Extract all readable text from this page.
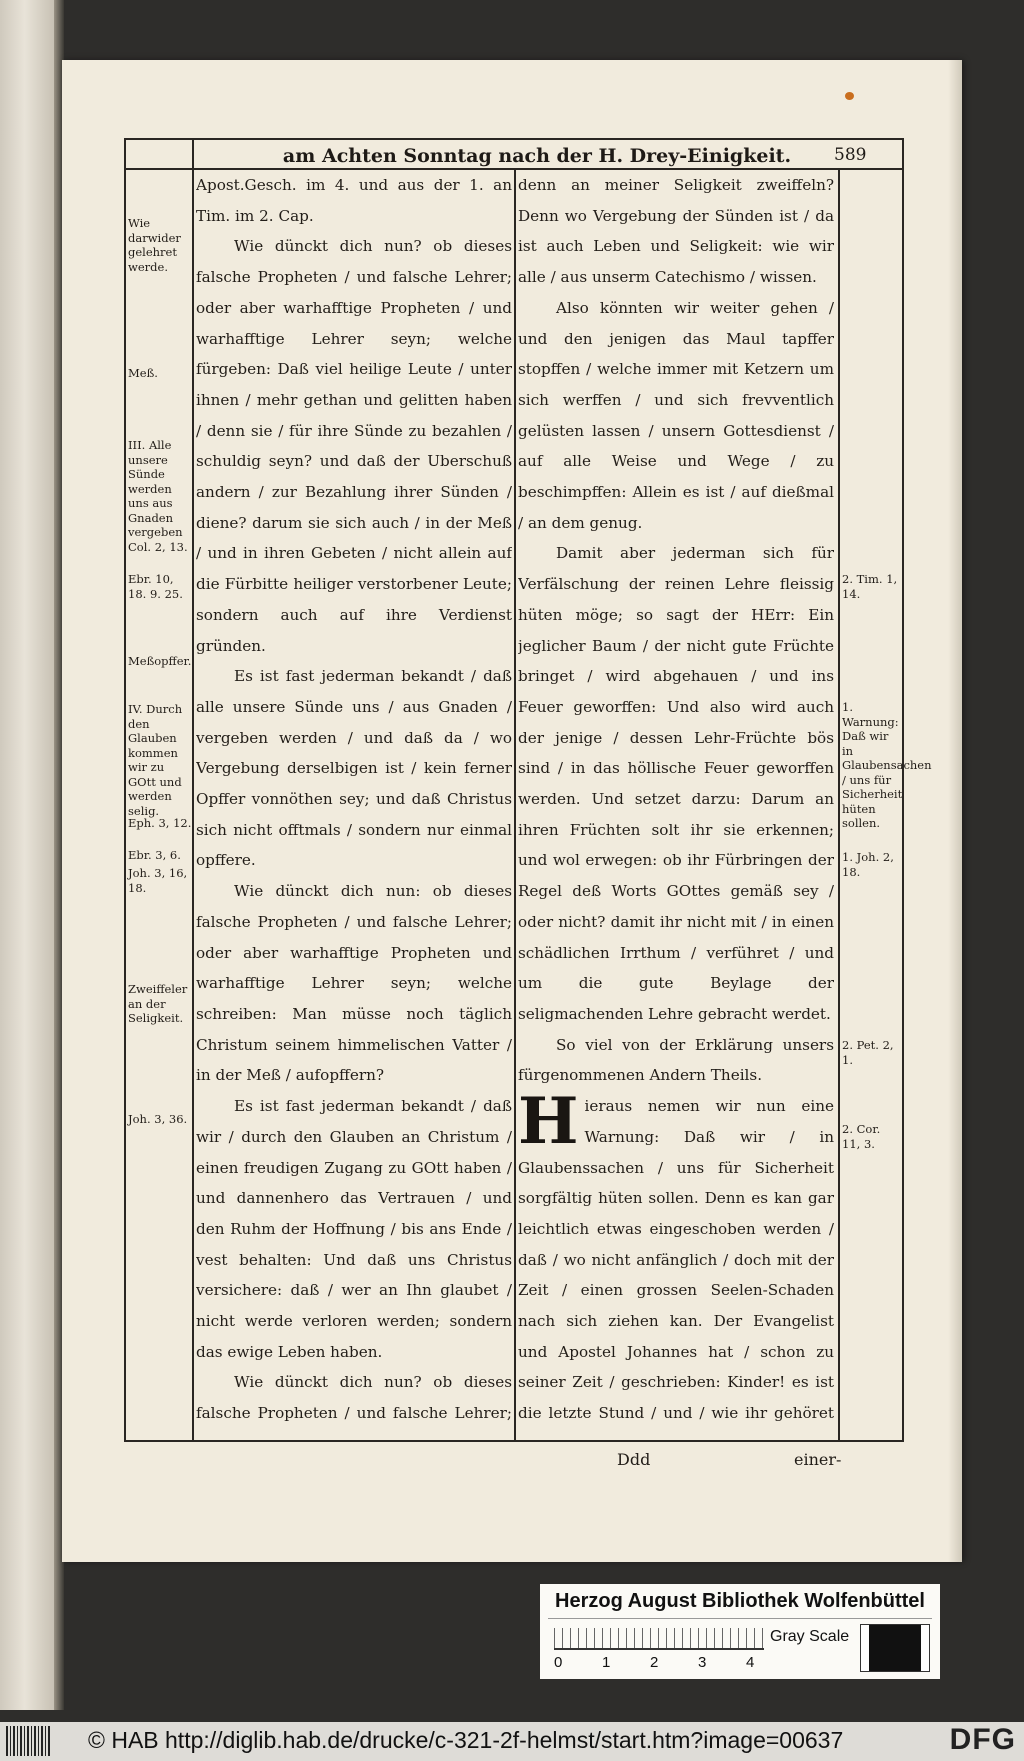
am Achten Sonntag nach der H. Drey-Einigkeit.	589

Apost.Gesch. im 4. und aus der 1. an Tim. im 2. Cap.

Wie dünckt dich nun? ob dieses falsche Propheten / und falsche Lehrer; oder aber warhafftige Propheten / und warhafftige Lehrer seyn; welche fürgeben: Daß viel heilige Leute / unter ihnen / mehr gethan und gelitten haben / denn sie / für ihre Sünde zu bezahlen / schuldig seyn? und daß der Uberschuß andern / zur Bezahlung ihrer Sünden / diene? darum sie sich auch / in der Meß / und in ihren Gebeten / nicht allein auf die Fürbitte heiliger verstorbener Leute; sondern auch auf ihre Verdienst gründen.

Es ist fast jederman bekandt / daß alle unsere Sünde uns / aus Gnaden / vergeben werden / und daß da / wo Vergebung derselbigen ist / kein ferner Opffer vonnöthen sey; und daß Christus sich nicht offtmals / sondern nur einmal opffere.

Wie dünckt dich nun: ob dieses falsche Propheten / und falsche Lehrer; oder aber warhafftige Propheten und warhafftige Lehrer seyn; welche schreiben: Man müsse noch täglich Christum seinem himmelischen Vatter / in der Meß / aufopffern?

Es ist fast jederman bekandt / daß wir / durch den Glauben an Christum / einen freudigen Zugang zu GOtt haben / und dannenhero das Vertrauen / und den Ruhm der Hoffnung / bis ans Ende / vest behalten: Und daß uns Christus versichere: daß / wer an Ihn glaubet / nicht werde verloren werden; sondern das ewige Leben haben.

Wie dünckt dich nun? ob dieses falsche Propheten / und falsche Lehrer;

denn an meiner Seligkeit zweiffeln? Denn wo Vergebung der Sünden ist / da ist auch Leben und Seligkeit: wie wir alle / aus unserm Catechismo / wissen.

Also könnten wir weiter gehen / und den jenigen das Maul tapffer stopffen / welche immer mit Ketzern um sich werffen / und sich frevventlich gelüsten lassen / unsern Gottesdienst / auf alle Weise und Wege / zu beschimpffen: Allein es ist / auf dießmal / an dem genug.

Damit aber jederman sich für Verfälschung der reinen Lehre fleissig hüten möge; so sagt der HErr: Ein jeglicher Baum / der nicht gute Früchte bringet / wird abgehauen / und ins Feuer geworffen: Und also wird auch der jenige / dessen Lehr-Früchte bös sind / in das höllische Feuer geworffen werden. Und setzet darzu: Darum an ihren Früchten solt ihr sie erkennen; und wol erwegen: ob ihr Fürbringen der Regel deß Worts GOttes gemäß sey / oder nicht? damit ihr nicht mit / in einen schädlichen Irrthum / verführet / und um die gute Beylage der seligmachenden Lehre gebracht werdet.

So viel von der Erklärung unsers fürgenommenen Andern Theils.

Hieraus nemen wir nun eine Warnung: Daß wir / in Glaubenssachen / uns für Sicherheit sorgfältig hüten sollen. Denn es kan gar leichtlich etwas eingeschoben werden / daß / wo nicht anfänglich / doch mit der Zeit / einen grossen Seelen-Schaden nach sich ziehen kan. Der Evangelist und Apostel Johannes hat / schon zu seiner Zeit / geschrieben: Kinder! es ist die letzte Stund / und / wie ihr gehöret

Wie darwider gelehret werde.
Meß.
III. Alle unsere Sünde werden uns aus Gnaden vergeben
Col. 2, 13.
Ebr. 10, 18. 9. 25.
Meßopffer.
IV. Durch den Glauben kommen wir zu GOtt und werden selig.
Eph. 3, 12.
Ebr. 3, 6.
Joh. 3, 16, 18.
Zweiffeler an der Seligkeit.
Joh. 3, 36.
2. Tim. 1, 14.
1. Warnung: Daß wir in Glaubensachen / uns für Sicherheit hüten sollen.
1. Joh. 2, 18.
2. Pet. 2, 1.
2. Cor. 11, 3.
Ddd	einer-
Herzog August Bibliothek Wolfenbüttel
0	1	2	3	4
Gray Scale
© HAB http://diglib.hab.de/drucke/c-321-2f-helmst/start.htm?image=00637	DFG
